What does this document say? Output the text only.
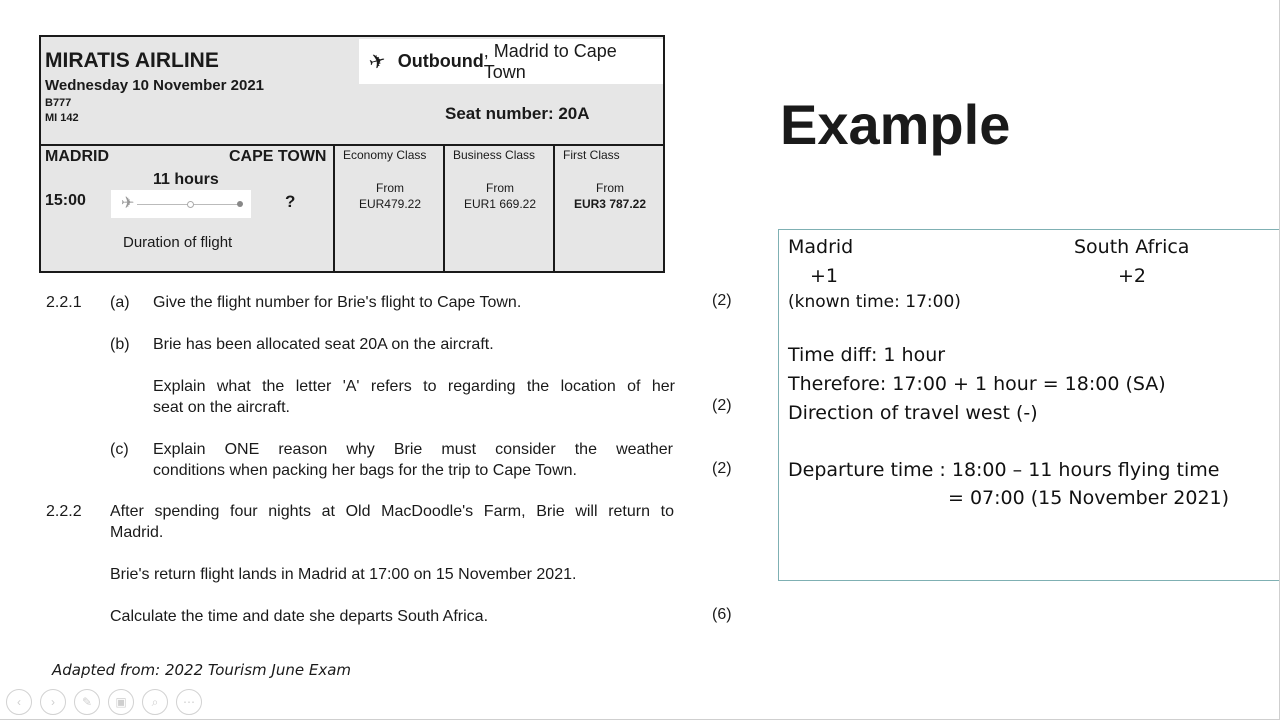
MIRATIS AIRLINE
Wednesday 10 November 2021
B777
MI 142
✈ Outbound
, Madrid to Cape Town
Seat number: 20A
MADRID	CAPE TOWN
11 hours
15:00 ✈	?
Duration of flight
Economy Class
From
EUR479.22
Business Class
From
EUR1 669.22
First Class
From
EUR3 787.22
2.2.1 (a) Give the flight number for Brie's flight to Cape Town.	(2)
(b) Brie has been allocated seat 20A on the aircraft.
Explain what the letter 'A' refers to regarding the location of her
seat on the aircraft.	(2)
(c) Explain ONE reason why Brie must consider the weather
conditions when packing her bags for the trip to Cape Town.	(2)
2.2.2 After spending four nights at Old MacDoodle's Farm, Brie will return to
Madrid.
Brie's return flight lands in Madrid at 17:00 on 15 November 2021.
Calculate the time and date she departs South Africa.	(6)
Adapted from: 2022 Tourism June Exam
Example
Madrid	South Africa
+1	+2
(known time: 17:00)
Time diff: 1 hour
Therefore: 17:00 + 1 hour = 18:00 (SA)
Direction of travel west (-)
Departure time : 18:00 – 11 hours flying time
= 07:00 (15 November 2021)
‹	›	✎	▣	⌕	⋯
